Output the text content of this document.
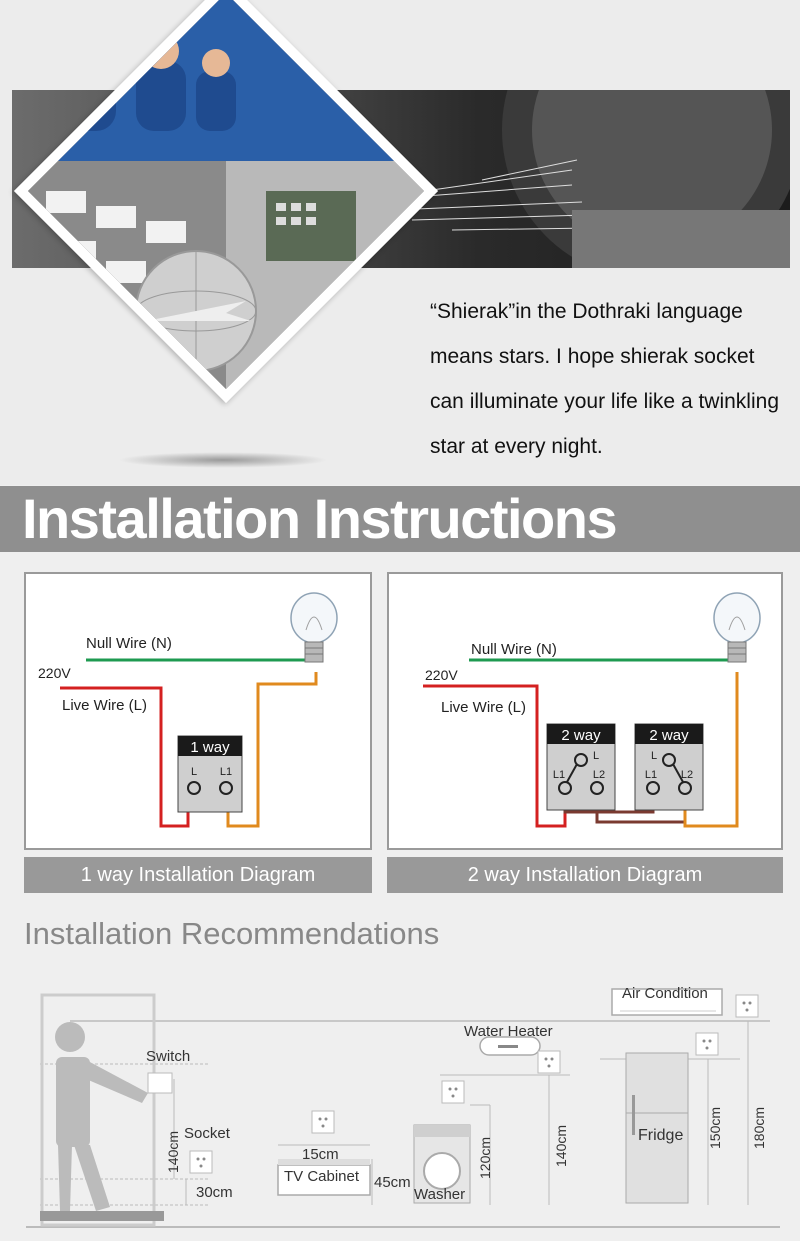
“Shierak”in the Dothraki language
means stars. I hope shierak socket
can illuminate your life like a twinkling
star at every night.
Installation Instructions
Null Wire (N)
220V
Live Wire (L)
1 way
L L1
1 way Installation Diagram
Null Wire (N)
220V
Live Wire (L)
2 way	2 way
L
L1	L2
L
L1 L2
2 way Installation Diagram
Installation Recommendations
Switch
Socket
140cm
30cm
15cm
TV Cabinet 45cm
Washer
120cm
Water Heater
140cm
Air Condition
Fridge 150cm 180cm
